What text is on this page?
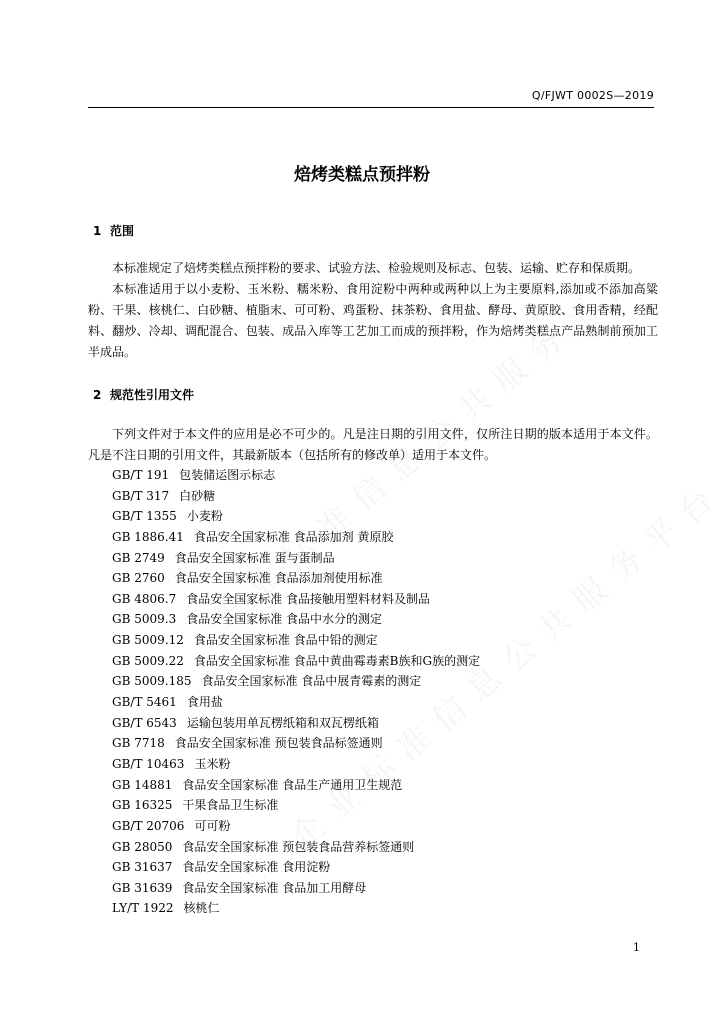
Q/FJWT 0002S—2019
焙烤类糕点预拌粉
1 范围

本标准规定了焙烤类糕点预拌粉的要求、试验方法、检验规则及标志、包装、运输、贮存和保质期。

本标准适用于以小麦粉、玉米粉、糯米粉、食用淀粉中两种或两种以上为主要原料,添加或不添加高粱粉、干果、核桃仁、白砂糖、植脂末、可可粉、鸡蛋粉、抹茶粉、食用盐、酵母、黄原胶、食用香精，经配料、翻炒、冷却、调配混合、包装、成品入库等工艺加工而成的预拌粉，作为焙烤类糕点产品熟制前预加工半成品。

2 规范性引用文件

下列文件对于本文件的应用是必不可少的。凡是注日期的引用文件，仅所注日期的版本适用于本文件。凡是不注日期的引用文件，其最新版本（包括所有的修改单）适用于本文件。

GB/T 191 包装储运图示标志
GB/T 317 白砂糖
GB/T 1355 小麦粉
GB 1886.41 食品安全国家标准 食品添加剂 黄原胶
GB 2749 食品安全国家标准 蛋与蛋制品
GB 2760 食品安全国家标准 食品添加剂使用标准
GB 4806.7 食品安全国家标准 食品接触用塑料材料及制品
GB 5009.3 食品安全国家标准 食品中水分的测定
GB 5009.12 食品安全国家标准 食品中铅的测定
GB 5009.22 食品安全国家标准 食品中黄曲霉毒素B族和G族的测定
GB 5009.185 食品安全国家标准 食品中展青霉素的测定
GB/T 5461 食用盐
GB/T 6543 运输包装用单瓦楞纸箱和双瓦楞纸箱
GB 7718 食品安全国家标准 预包装食品标签通则
GB/T 10463 玉米粉
GB 14881 食品安全国家标准 食品生产通用卫生规范
GB 16325 干果食品卫生标准
GB/T 20706 可可粉
GB 28050 食品安全国家标准 预包装食品营养标签通则
GB 31637 食品安全国家标准 食用淀粉
GB 31639 食品安全国家标准 食品加工用酵母
LY/T 1922 核桃仁
1
